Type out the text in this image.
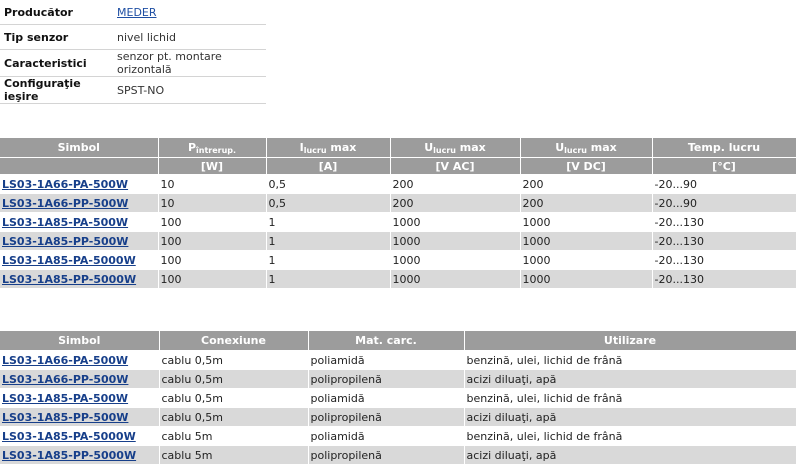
Producător	MEDER
Tip senzor	nivel lichid
Caracteristici	senzor pt. montare orizontală
Configuraţie ieşire	SPST-NO
Simbol	$P_{întrerup.}$	$I_{lucru}$ max	$U_{lucru}$ max	$U_{lucru}$ max	Temp. lucru
	[W]	[A]	[V AC]	[V DC]	[°C]
LS03-1A66-PA-500W	10	0,5	200	200	-20...90
LS03-1A66-PP-500W	10	0,5	200	200	-20...90
LS03-1A85-PA-500W	100	1	1000	1000	-20...130
LS03-1A85-PP-500W	100	1	1000	1000	-20...130
LS03-1A85-PA-5000W	100	1	1000	1000	-20...130
LS03-1A85-PP-5000W	100	1	1000	1000	-20...130
Simbol	Conexiune	Mat. carc.	Utilizare
LS03-1A66-PA-500W	cablu 0,5m	poliamidă	benzină, ulei, lichid de frână
LS03-1A66-PP-500W	cablu 0,5m	polipropilenă	acizi diluaţi, apă
LS03-1A85-PA-500W	cablu 0,5m	poliamidă	benzină, ulei, lichid de frână
LS03-1A85-PP-500W	cablu 0,5m	polipropilenă	acizi diluaţi, apă
LS03-1A85-PA-5000W	cablu 5m	poliamidă	benzină, ulei, lichid de frână
LS03-1A85-PP-5000W	cablu 5m	polipropilenă	acizi diluaţi, apă
